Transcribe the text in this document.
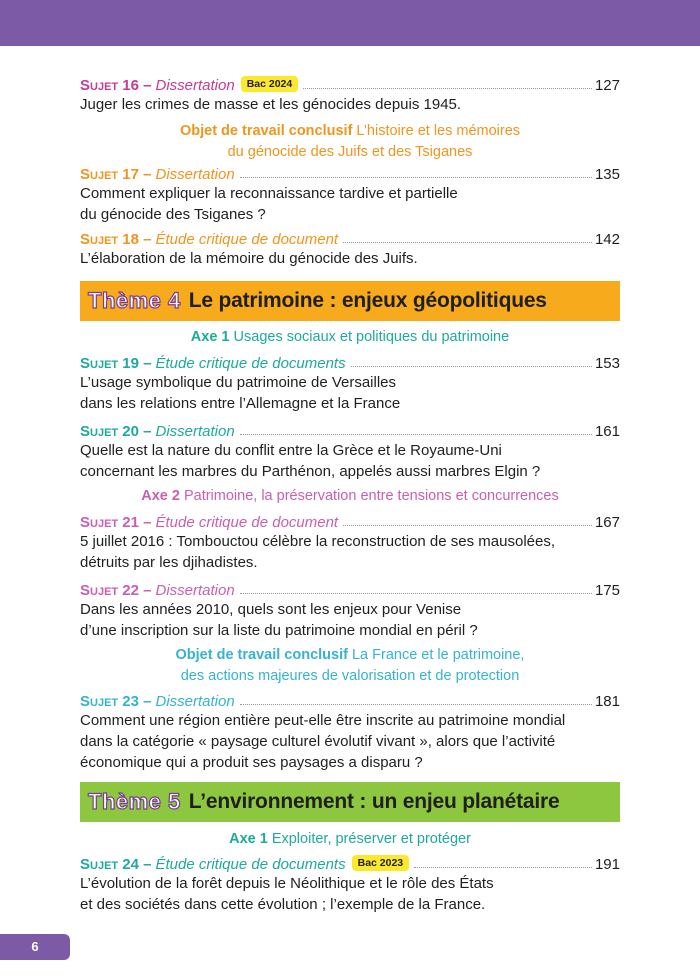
Sujet 16 – Dissertation	Bac 2024	127
Juger les crimes de masse et les génocides depuis 1945.
Objet de travail conclusif L’histoire et les mémoires
du génocide des Juifs et des Tsiganes
Sujet 17 – Dissertation	135
Comment expliquer la reconnaissance tardive et partielle
du génocide des Tsiganes ?
Sujet 18 – Étude critique de document	142
L’élaboration de la mémoire du génocide des Juifs.
Thème 4 Le patrimoine : enjeux géopolitiques
Axe 1 Usages sociaux et politiques du patrimoine
Sujet 19 – Étude critique de documents	153
L’usage symbolique du patrimoine de Versailles
dans les relations entre l’Allemagne et la France
Sujet 20 – Dissertation	161
Quelle est la nature du conflit entre la Grèce et le Royaume-Uni
concernant les marbres du Parthénon, appelés aussi marbres Elgin ?
Axe 2 Patrimoine, la préservation entre tensions et concurrences
Sujet 21 – Étude critique de document	167
5 juillet 2016 : Tombouctou célèbre la reconstruction de ses mausolées,
détruits par les djihadistes.
Sujet 22 – Dissertation	175
Dans les années 2010, quels sont les enjeux pour Venise
d’une inscription sur la liste du patrimoine mondial en péril ?
Objet de travail conclusif La France et le patrimoine,
des actions majeures de valorisation et de protection
Sujet 23 – Dissertation	181
Comment une région entière peut-elle être inscrite au patrimoine mondial
dans la catégorie « paysage culturel évolutif vivant », alors que l’activité
économique qui a produit ses paysages a disparu ?
Thème 5 L’environnement : un enjeu planétaire
Axe 1 Exploiter, préserver et protéger
Sujet 24 – Étude critique de documents	Bac 2023	191
L’évolution de la forêt depuis le Néolithique et le rôle des États
et des sociétés dans cette évolution ; l’exemple de la France.
6
